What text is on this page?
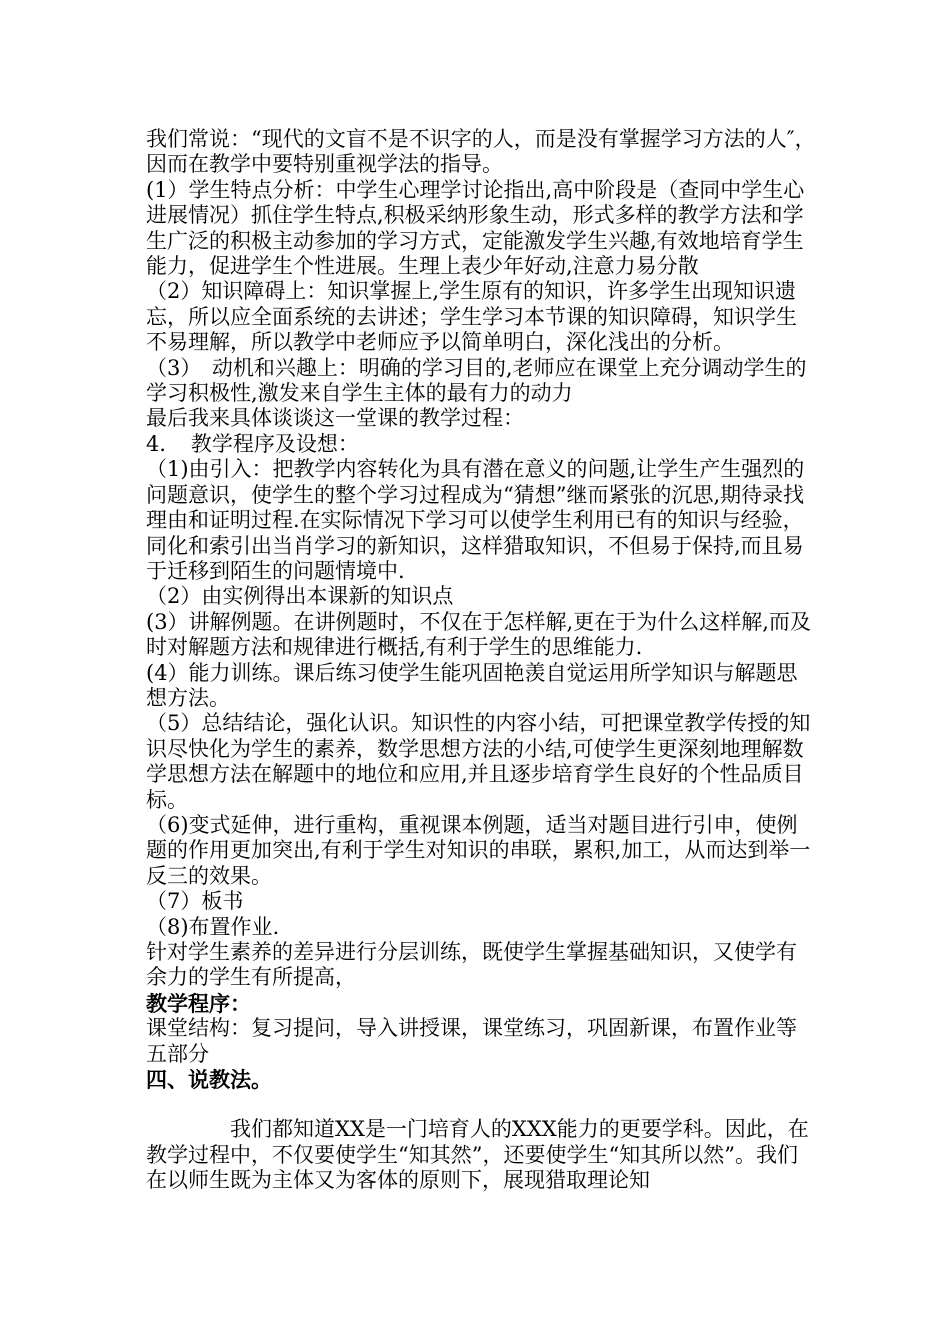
我们常说：“现代的文盲不是不识字的人，而是没有掌握学习方法的人″，因而在教学中要特别重视学法的指导。

(1）学生特点分析：中学生心理学讨论指出,高中阶段是（查同中学生心进展情况）抓住学生特点,积极采纳形象生动，形式多样的教学方法和学生广泛的积极主动参加的学习方式，定能激发学生兴趣,有效地培育学生能力，促进学生个性进展。生理上表少年好动,注意力易分散

（2）知识障碍上：知识掌握上,学生原有的知识，许多学生出现知识遗忘，所以应全面系统的去讲述；学生学习本节课的知识障碍，知识学生不易理解，所以教学中老师应予以简单明白，深化浅出的分析。

（3）　动机和兴趣上：明确的学习目的,老师应在课堂上充分调动学生的学习积极性,激发来自学生主体的最有力的动力

最后我来具体谈谈这一堂课的教学过程：

4．　教学程序及设想：

（1)由引入：把教学内容转化为具有潜在意义的问题,让学生产生强烈的问题意识，使学生的整个学习过程成为“猜想”继而紧张的沉思,期待录找理由和证明过程.在实际情况下学习可以使学生利用已有的知识与经验，同化和索引出当肖学习的新知识，这样猎取知识，不但易于保持,而且易于迁移到陌生的问题情境中.

（2）由实例得出本课新的知识点

(3）讲解例题。在讲例题时，不仅在于怎样解,更在于为什么这样解,而及时对解题方法和规律进行概括,有利于学生的思维能力.

(4）能力训练。课后练习使学生能巩固艳羡自觉运用所学知识与解题思想方法。

（5）总结结论，强化认识。知识性的内容小结，可把课堂教学传授的知识尽快化为学生的素养，数学思想方法的小结,可使学生更深刻地理解数学思想方法在解题中的地位和应用,并且逐步培育学生良好的个性品质目标。

（6)变式延伸，进行重构，重视课本例题，适当对题目进行引申，使例题的作用更加突出,有利于学生对知识的串联，累积,加工，从而达到举一反三的效果。

（7）板书

（8)布置作业.

针对学生素养的差异进行分层训练，既使学生掌握基础知识，又使学有余力的学生有所提高，

教学程序：

课堂结构：复习提问，导入讲授课，课堂练习，巩固新课，布置作业等五部分

四、说教法。

我们都知道XX是一门培育人的XXX能力的更要学科。因此，在教学过程中，不仅要使学生“知其然”，还要使学生“知其所以然”。我们在以师生既为主体又为客体的原则下，展现猎取理论知
